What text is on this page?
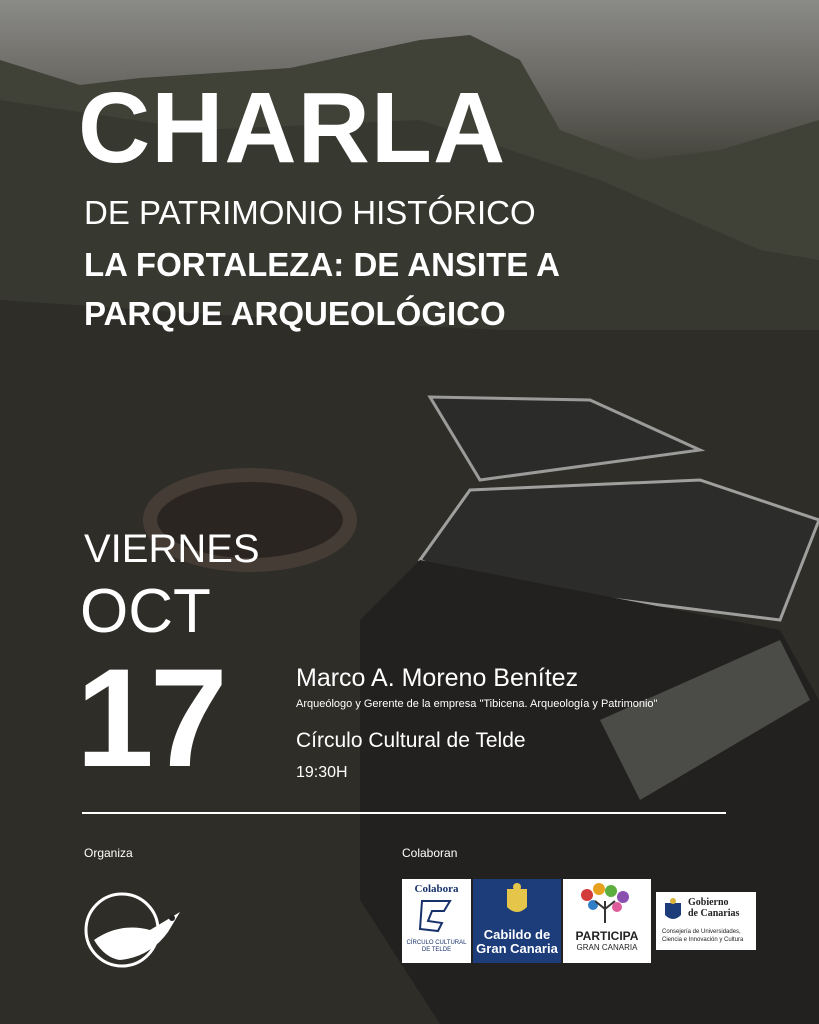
CHARLA
DE PATRIMONIO HISTÓRICO
LA FORTALEZA: DE ANSITE A PARQUE ARQUEOLÓGICO
VIERNES
OCT
17	Marco A. Moreno Benítez
Arqueólogo y Gerente de la empresa "Tibicena. Arqueología y Patrimonio"
Círculo Cultural de Telde
19:30H
Organiza	Colaboran
Colabora
CÍRCULO CULTURAL DE TELDE
Cabildo de
Gran Canaria
PARTICIPA
GRAN CANARIA
Gobierno
de Canarias
Consejería de Universidades,
Ciencia e Innovación y Cultura
